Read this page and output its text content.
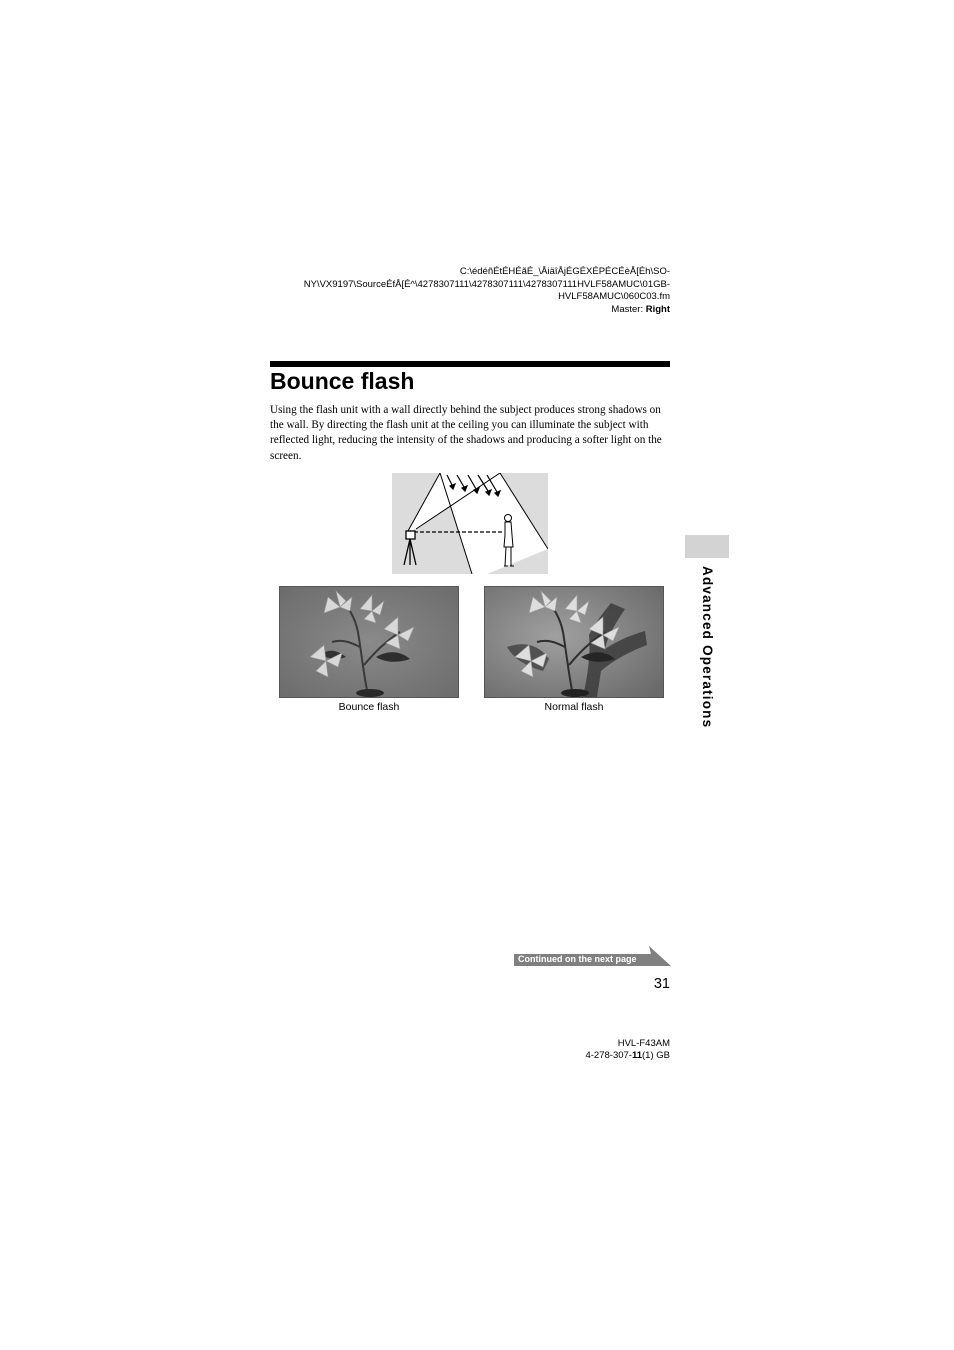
C:\édéñÉtÉHÉãÉ_\ÅiäîÅjÉGÉXÉPÉCÉèÅ[Éh\SO-
NY\VX9197\SourceÉfÅ[É^\4278307111\4278307111\4278307111HVLF58AMUC\01GB-
HVLF58AMUC\060C03.fm
Master: Right
Bounce flash

Using the flash unit with a wall directly behind the subject produces strong shadows on the wall. By directing the flash unit at the ceiling you can illuminate the subject with reflected light, reducing the intensity of the shadows and producing a softer light on the screen.

Bounce flash	Normal flash	Advanced Operations
Continued on the next page
31
HVL-F43AM
4-278-307-11(1) GB
